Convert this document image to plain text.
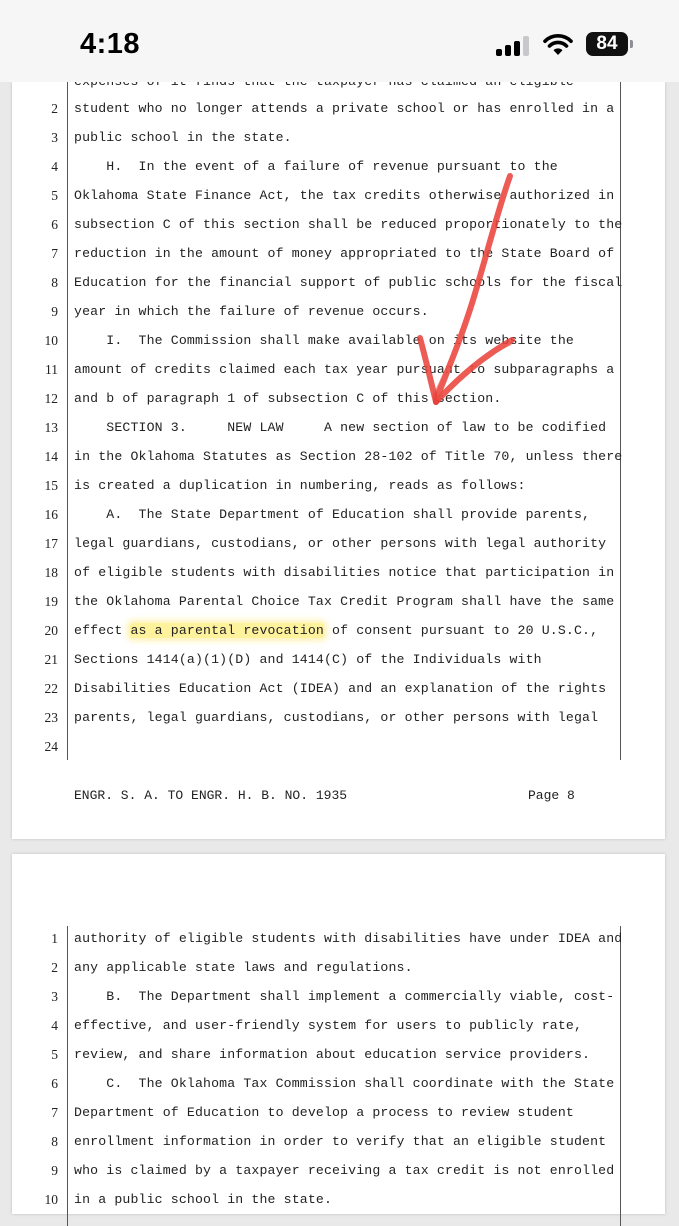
4:18	84
2 student who no longer attends a private school or has enrolled in a
3 public school in the state.
4 H.  In the event of a failure of revenue pursuant to the
5 Oklahoma State Finance Act, the tax credits otherwise authorized in
6 subsection C of this section shall be reduced proportionately to the
7 reduction in the amount of money appropriated to the State Board of
8 Education for the financial support of public schools for the fiscal
9 year in which the failure of revenue occurs.
10 I.  The Commission shall make available on its website the
11 amount of credits claimed each tax year pursuant to subparagraphs a
12 and b of paragraph 1 of subsection C of this section.
13 SECTION 3.     NEW LAW     A new section of law to be codified
14 in the Oklahoma Statutes as Section 28-102 of Title 70, unless there
15 is created a duplication in numbering, reads as follows:
16 A.  The State Department of Education shall provide parents,
17 legal guardians, custodians, or other persons with legal authority
18 of eligible students with disabilities notice that participation in
19 the Oklahoma Parental Choice Tax Credit Program shall have the same
20 effect as a parental revocation of consent pursuant to 20 U.S.C.,
21 Sections 1414(a)(1)(D) and 1414(C) of the Individuals with
22 Disabilities Education Act (IDEA) and an explanation of the rights
23 parents, legal guardians, custodians, or other persons with legal
24
ENGR. S. A. TO ENGR. H. B. NO. 1935	Page 8
1 authority of eligible students with disabilities have under IDEA and
2 any applicable state laws and regulations.
3 B.  The Department shall implement a commercially viable, cost-
4 effective, and user-friendly system for users to publicly rate,
5 review, and share information about education service providers.
6 C.  The Oklahoma Tax Commission shall coordinate with the State
7 Department of Education to develop a process to review student
8 enrollment information in order to verify that an eligible student
9 who is claimed by a taxpayer receiving a tax credit is not enrolled
10 in a public school in the state.
